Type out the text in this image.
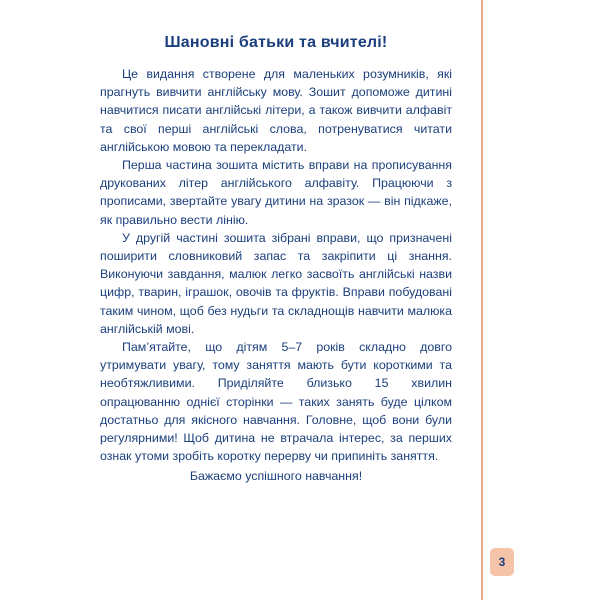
Шановні батьки та вчителі!

Це видання створене для маленьких розумників, які прагнуть вивчити англійську мову. Зошит допоможе дитині навчитися писати англійські літери, а також вивчити алфавіт та свої перші англійські слова, потренуватися читати англійською мовою та перекладати.

Перша частина зошита містить вправи на прописування друкованих літер англійського алфавіту. Працюючи з прописами, звертайте увагу дитини на зразок — він підкаже, як правильно вести лінію.

У другій частині зошита зібрані вправи, що призначені поширити словниковий запас та закріпити ці знання. Виконуючи завдання, малюк легко засвоїть англійські назви цифр, тварин, іграшок, овочів та фруктів. Вправи побудовані таким чином, щоб без нудьги та складнощів навчити малюка англійській мові.

Пам’ятайте, що дітям 5–7 років складно довго утримувати увагу, тому заняття мають бути короткими та необтяжливими. Приділяйте близько 15 хвилин опрацюванню однієї сторінки — таких занять буде цілком достатньо для якісного навчання. Головне, щоб вони були регулярними! Щоб дитина не втрачала інтерес, за перших ознак утоми зробіть коротку перерву чи припиніть заняття.

Бажаємо успішного навчання!

3
